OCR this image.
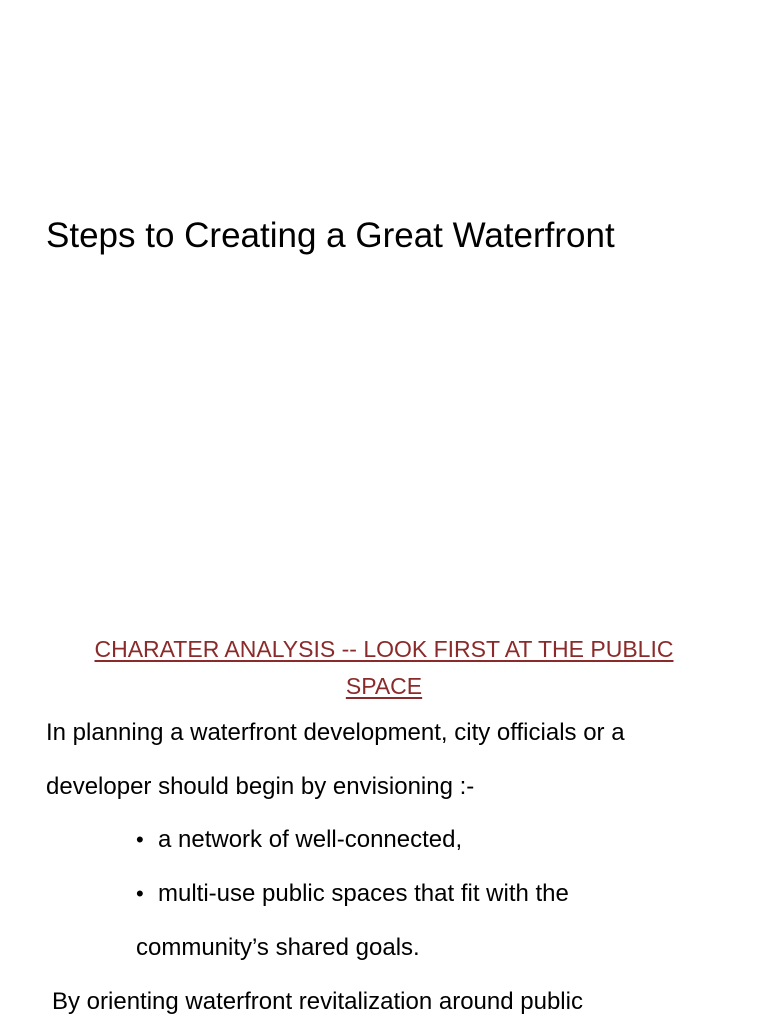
Steps to Creating a Great Waterfront
CHARATER ANALYSIS -- LOOK FIRST AT THE PUBLIC
SPACE

In planning a waterfront development, city officials or a

developer should begin by envisioning :-

• a network of well-connected,

• multi-use public spaces that fit with the

community’s shared goals.

By orienting waterfront revitalization around public
